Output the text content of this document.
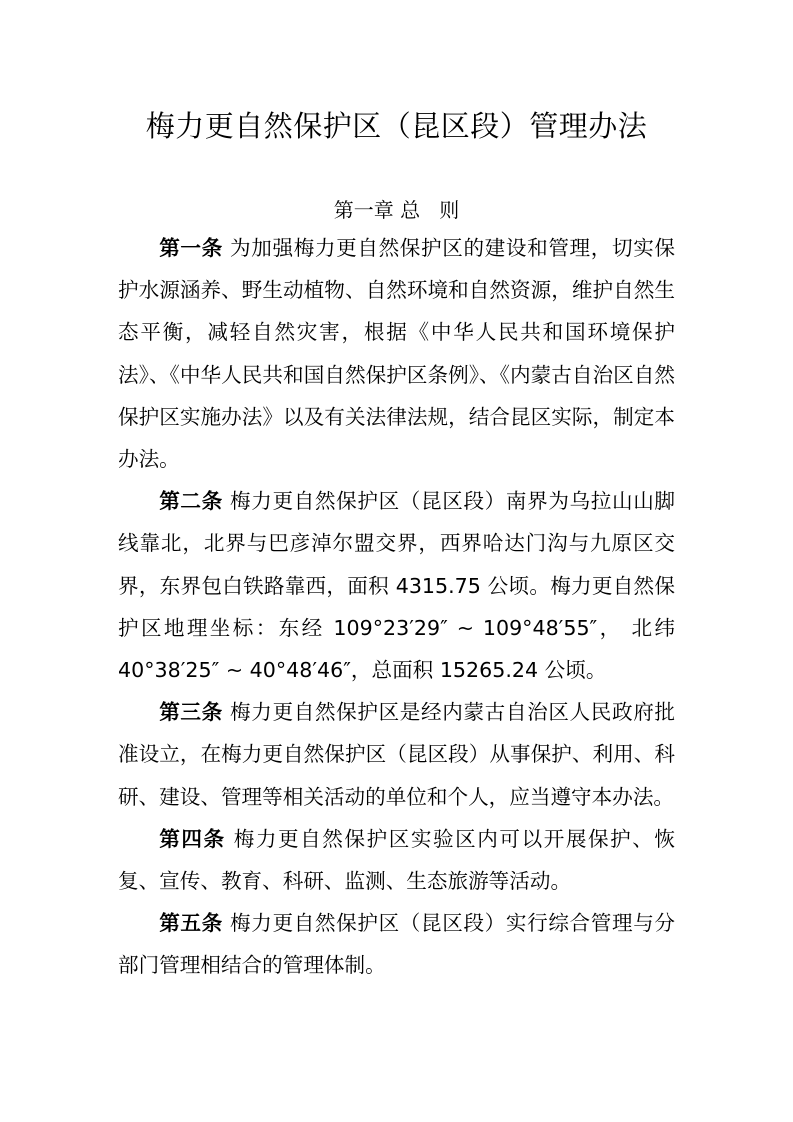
梅力更自然保护区（昆区段）管理办法
第一章 总   则

第一条 为加强梅力更自然保护区的建设和管理，切实保护水源涵养、野生动植物、自然环境和自然资源，维护自然生态平衡，减轻自然灾害，根据《中华人民共和国环境保护法》、《中华人民共和国自然保护区条例》、《内蒙古自治区自然保护区实施办法》以及有关法律法规，结合昆区实际，制定本办法。

第二条 梅力更自然保护区（昆区段）南界为乌拉山山脚线靠北，北界与巴彦淖尔盟交界，西界哈达门沟与九原区交界，东界包白铁路靠西，面积 4315.75 公顷。梅力更自然保护区地理坐标：东经 109°23′29″ ~ 109°48′55″， 北纬 40°38′25″ ~ 40°48′46″，总面积 15265.24 公顷。

第三条 梅力更自然保护区是经内蒙古自治区人民政府批准设立，在梅力更自然保护区（昆区段）从事保护、利用、科研、建设、管理等相关活动的单位和个人，应当遵守本办法。

第四条 梅力更自然保护区实验区内可以开展保护、恢复、宣传、教育、科研、监测、生态旅游等活动。

第五条 梅力更自然保护区（昆区段）实行综合管理与分部门管理相结合的管理体制。
